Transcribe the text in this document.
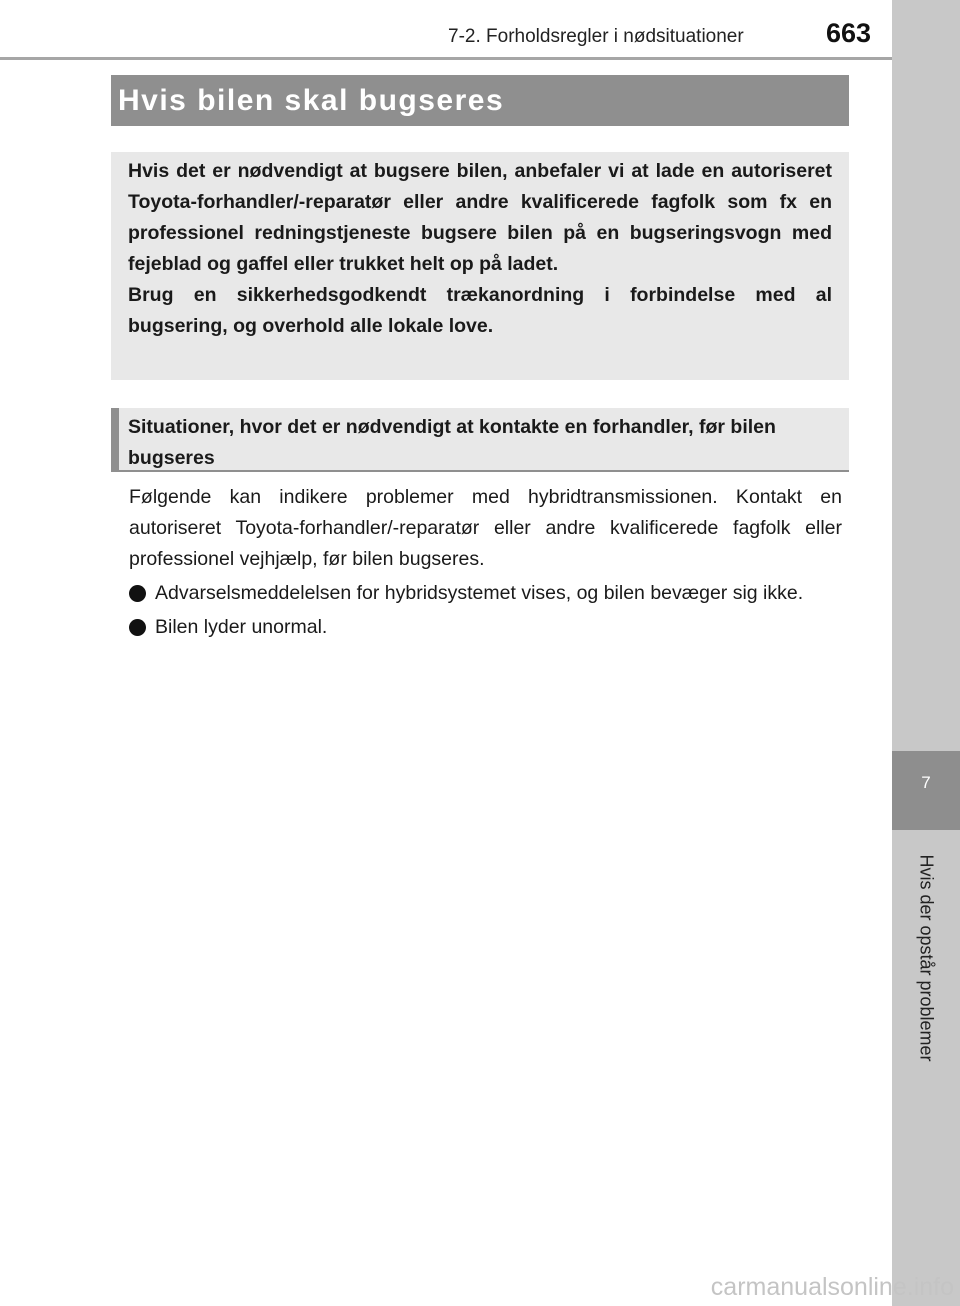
7-2. Forholdsregler i nødsituationer	663
7
Hvis der opstår problemer
Hvis bilen skal bugseres

Hvis det er nødvendigt at bugsere bilen, anbefaler vi at lade en autoriseret Toyota-forhandler/-reparatør eller andre kvalificerede fagfolk som fx en professionel redningstjeneste bugsere bilen på en bugseringsvogn med fejeblad og gaffel eller trukket helt op på ladet.

Brug en sikkerhedsgodkendt trækanordning i forbindelse med al bugsering, og overhold alle lokale love.

Situationer, hvor det er nødvendigt at kontakte en forhandler, før bilen bugseres

Følgende kan indikere problemer med hybridtransmissionen. Kontakt en autoriseret Toyota-forhandler/-reparatør eller andre kvalificerede fagfolk eller professionel vejhjælp, før bilen bugseres.

Advarselsmeddelelsen for hybridsystemet vises, og bilen bevæger sig ikke.
Bilen lyder unormal.
carmanualsonline.info
